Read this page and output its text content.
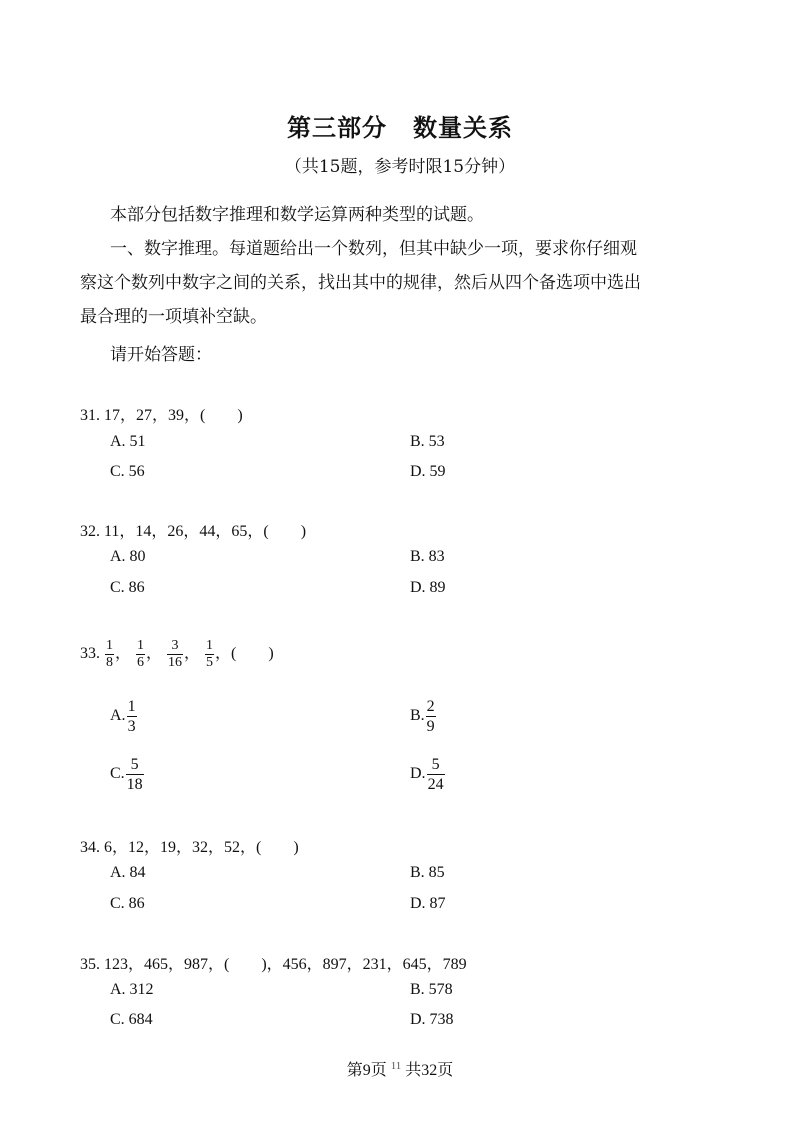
第三部分 数量关系
（共15题，参考时限15分钟）
本部分包括数字推理和数学运算两种类型的试题。
一、数字推理。每道题给出一个数列，但其中缺少一项，要求你仔细观
察这个数列中数字之间的关系，找出其中的规律，然后从四个备选项中选出
最合理的一项填补空缺。
请开始答题：
31. 17，27，39，(　　)
A. 51	B. 53
C. 56	D. 59
32. 11，14，26，44，65，(　　)
A. 80	B. 83
C. 86	D. 89
33. $\frac{1}{8}$ ， $\frac{1}{6}$ ， $\frac{3}{16}$ ， $\frac{1}{5}$ ，(　　)
A. $\frac{1}{3}$	B. $\frac{2}{9}$
C. $\frac{5}{18}$	D. $\frac{5}{24}$
34. 6，12，19，32，52，(　　)
A. 84	B. 85
C. 86	D. 87
35. 123，465，987，(　　)，456，897，231，645，789
A. 312	B. 578
C. 684	D. 738
第9页 $^{11}$ 共32页
